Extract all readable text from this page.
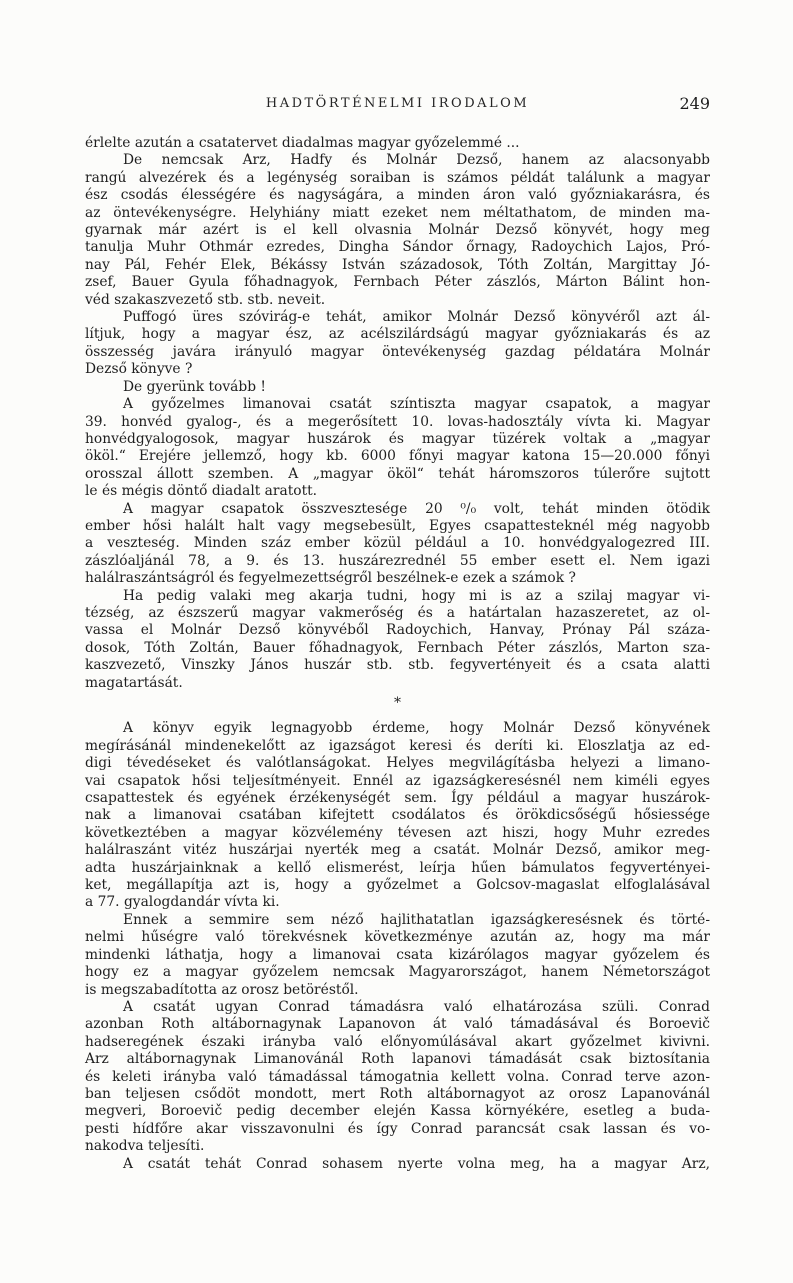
HADTÖRTÉNELMI IRODALOM	249
érlelte azután a csatatervet diadalmas magyar győzelemmé ...
De nemcsak Arz, Hadfy és Molnár Dezső, hanem az alacsonyabb
rangú alvezérek és a legénység soraiban is számos példát találunk a magyar
ész csodás élességére és nagyságára, a minden áron való győzniakarásra, és
az öntevékenységre. Helyhiány miatt ezeket nem méltathatom, de minden ma-
gyarnak már azért is el kell olvasnia Molnár Dezső könyvét, hogy meg
tanulja Muhr Othmár ezredes, Dingha Sándor őrnagy, Radoychich Lajos, Pró-
nay Pál, Fehér Elek, Békássy István századosok, Tóth Zoltán, Margittay Jó-
zsef, Bauer Gyula főhadnagyok, Fernbach Péter zászlós, Márton Bálint hon-
véd szakaszvezető stb. stb. neveit.
Puffogó üres szóvirág-e tehát, amikor Molnár Dezső könyvéről azt ál-
lítjuk, hogy a magyar ész, az acélszilárdságú magyar győzniakarás és az
összesség javára irányuló magyar öntevékenység gazdag példatára Molnár
Dezső könyve ?
De gyerünk tovább !
A győzelmes limanovai csatát színtiszta magyar csapatok, a magyar
39. honvéd gyalog-, és a megerősített 10. lovas-hadosztály vívta ki. Magyar
honvédgyalogosok, magyar huszárok és magyar tüzérek voltak a „magyar
ököl.“ Erejére jellemző, hogy kb. 6000 főnyi magyar katona 15—20.000 főnyi
orosszal állott szemben. A „magyar ököl“ tehát háromszoros túlerőre sujtott
le és mégis döntő diadalt aratott.
A magyar csapatok összvesztesége 20 ⁰/₀ volt, tehát minden ötödik
ember hősi halált halt vagy megsebesült, Egyes csapattesteknél még nagyobb
a veszteség. Minden száz ember közül például a 10. honvédgyalogezred III.
zászlóaljánál 78, a 9. és 13. huszárezrednél 55 ember esett el. Nem igazi
halálraszántságról és fegyelmezettségről beszélnek-e ezek a számok ?
Ha pedig valaki meg akarja tudni, hogy mi is az a szilaj magyar vi-
tézség, az észszerű magyar vakmerőség és a határtalan hazaszeretet, az ol-
vassa el Molnár Dezső könyvéből Radoychich, Hanvay, Prónay Pál száza-
dosok, Tóth Zoltán, Bauer főhadnagyok, Fernbach Péter zászlós, Marton sza-
kaszvezető, Vinszky János huszár stb. stb. fegyvertényeit és a csata alatti
magatartását.
*
A könyv egyik legnagyobb érdeme, hogy Molnár Dezső könyvének
megírásánál mindenekelőtt az igazságot keresi és deríti ki. Eloszlatja az ed-
digi tévedéseket és valótlanságokat. Helyes megvilágításba helyezi a limano-
vai csapatok hősi teljesítményeit. Ennél az igazságkeresésnél nem kiméli egyes
csapattestek és egyének érzékenységét sem. Így például a magyar huszárok-
nak a limanovai csatában kifejtett csodálatos és örökdicsőségű hősiessége
következtében a magyar közvélemény tévesen azt hiszi, hogy Muhr ezredes
halálraszánt vitéz huszárjai nyerték meg a csatát. Molnár Dezső, amikor meg-
adta huszárjainknak a kellő elismerést, leírja hűen bámulatos fegyvertényei-
ket, megállapítja azt is, hogy a győzelmet a Golcsov-magaslat elfoglalásával
a 77. gyalogdandár vívta ki.
Ennek a semmire sem néző hajlithatatlan igazságkeresésnek és törté-
nelmi hűségre való törekvésnek következménye azután az, hogy ma már
mindenki láthatja, hogy a limanovai csata kizárólagos magyar győzelem és
hogy ez a magyar győzelem nemcsak Magyarországot, hanem Németországot
is megszabadította az orosz betöréstől.
A csatát ugyan Conrad támadásra való elhatározása szüli. Conrad
azonban Roth altábornagynak Lapanovon át való támadásával és Boroevič
hadseregének északi irányba való előnyomúlásával akart győzelmet kivivni.
Arz altábornagynak Limanovánál Roth lapanovi támadását csak biztosítania
és keleti irányba való támadással támogatnia kellett volna. Conrad terve azon-
ban teljesen csődöt mondott, mert Roth altábornagyot az orosz Lapanovánál
megveri, Boroevič pedig december elején Kassa környékére, esetleg a buda-
pesti hídfőre akar visszavonulni és így Conrad parancsát csak lassan és vo-
nakodva teljesíti.
A csatát tehát Conrad sohasem nyerte volna meg, ha a magyar Arz,
